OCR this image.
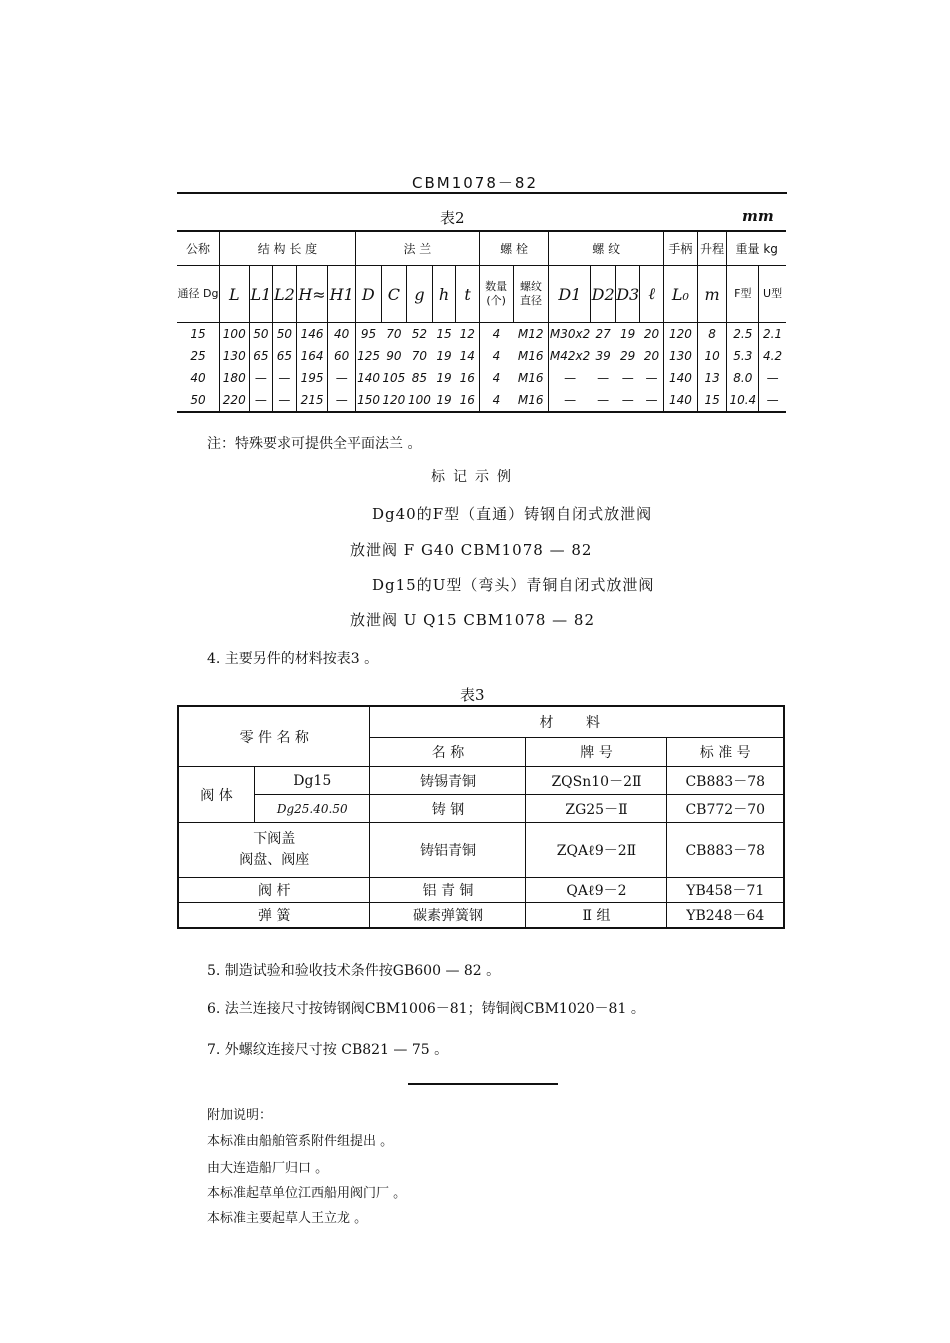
CBM1078－82
表2	mm
公称	结 构 长 度					法 兰					螺 栓		螺 纹				手柄	升程	重量 kg	
通径 Dg	L	L1	L2	H≈	H1	D	C	g	h	t	数量 (个)	螺纹 直径	D1	D2	D3	ℓ	L₀	m	F型	U型
15	100	50	50	146	40	95	70	52	15	12	4	M12	M30x2	27	19	20	120	8	2.5	2.1
25	130	65	65	164	60	125	90	70	19	14	4	M16	M42x2	39	29	20	130	10	5.3	4.2
40	180	—	—	195	—	140	105	85	19	16	4	M16	—	—	—	—	140	13	8.0	—
50	220	—	—	215	—	150	120	100	19	16	4	M16	—	—	—	—	140	15	10.4	—
注：特殊要求可提供全平面法兰 。
标记示例
Dg40的F型（直通）铸钢自闭式放泄阀
放泄阀 F G40 CBM1078 — 82
Dg15的U型（弯头）青铜自闭式放泄阀
放泄阀 U Q15 CBM1078 — 82
4. 主要另件的材料按表3 。
表3
零 件 名 称		材 料		
		名 称	牌 号	标 准 号
阀 体	Dg15	铸锡青铜	ZQSn10－2Ⅱ	CB883－78
	Dg25.40.50	铸 钢	ZG25－Ⅱ	CB772－70

下阀盖
阀盘、阀座		铸铝青铜	ZQAℓ9－2Ⅱ	CB883－78
阀 杆		铝 青 铜	QAℓ9－2	YB458－71
弹 簧		碳素弹簧钢	Ⅱ 组	YB248－64
5. 制造试验和验收技术条件按GB600 — 82 。
6. 法兰连接尺寸按铸钢阀CBM1006－81；铸铜阀CBM1020－81 。
7. 外螺纹连接尺寸按 CB821 — 75 。
附加说明：
本标准由船舶管系附件组提出 。
由大连造船厂归口 。
本标准起草单位江西船用阀门厂 。
本标准主要起草人王立龙 。
